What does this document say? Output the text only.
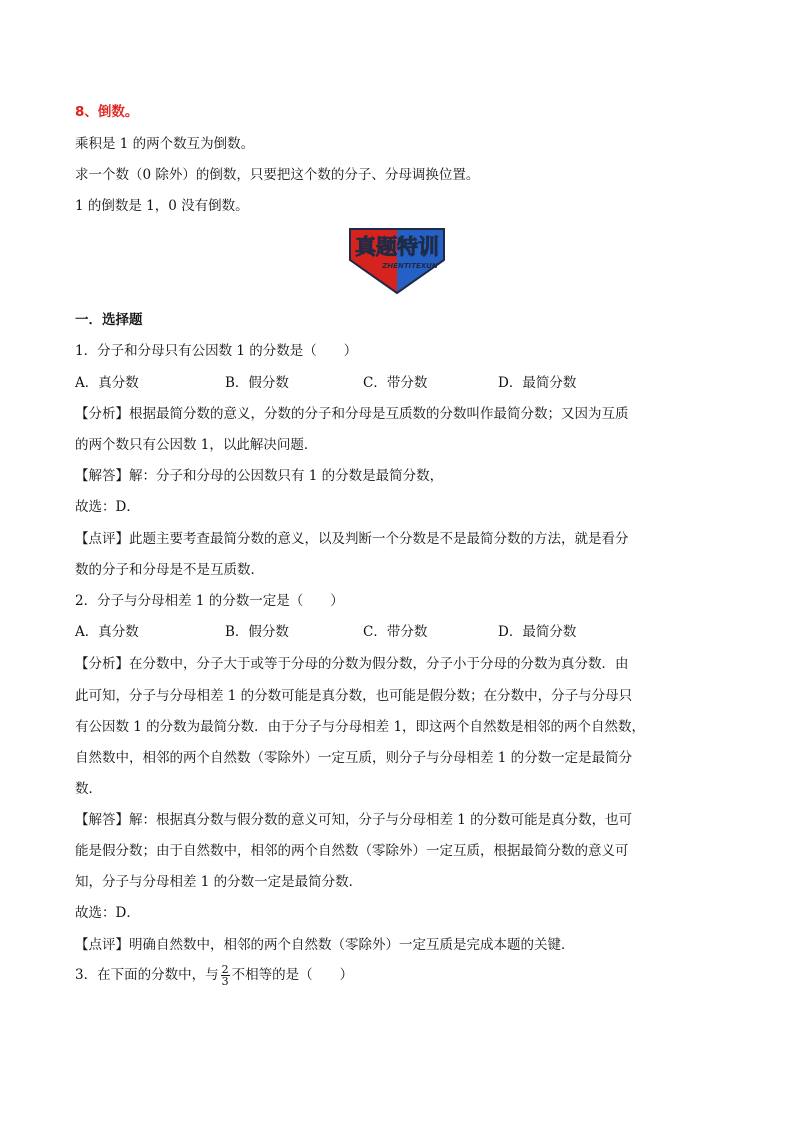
8、倒数。
乘积是 1 的两个数互为倒数。
求一个数（0 除外）的倒数，只要把这个数的分子、分母调换位置。
1 的倒数是 1，0 没有倒数。
真题特训
ZHENTITEXUN
一．选择题
1．分子和分母只有公因数 1 的分数是（　　）
A．真分数	B．假分数	C．带分数	D．最简分数
【分析】根据最简分数的意义，分数的分子和分母是互质数的分数叫作最简分数；又因为互质
的两个数只有公因数 1，以此解决问题．
【解答】解：分子和分母的公因数只有 1 的分数是最简分数，
故选：D．
【点评】此题主要考查最简分数的意义，以及判断一个分数是不是最简分数的方法，就是看分
数的分子和分母是不是互质数．
2．分子与分母相差 1 的分数一定是（　　）
A．真分数	B．假分数	C．带分数	D．最简分数
【分析】在分数中，分子大于或等于分母的分数为假分数，分子小于分母的分数为真分数．由
此可知，分子与分母相差 1 的分数可能是真分数，也可能是假分数；在分数中，分子与分母只
有公因数 1 的分数为最简分数．由于分子与分母相差 1，即这两个自然数是相邻的两个自然数，
自然数中，相邻的两个自然数（零除外）一定互质，则分子与分母相差 1 的分数一定是最简分
数．
【解答】解：根据真分数与假分数的意义可知，分子与分母相差 1 的分数可能是真分数，也可
能是假分数；由于自然数中，相邻的两个自然数（零除外）一定互质，根据最简分数的意义可
知，分子与分母相差 1 的分数一定是最简分数．
故选：D．
【点评】明确自然数中，相邻的两个自然数（零除外）一定互质是完成本题的关键．
3．在下面的分数中，与 $\frac{2}{3}$ 不相等的是（　　）
